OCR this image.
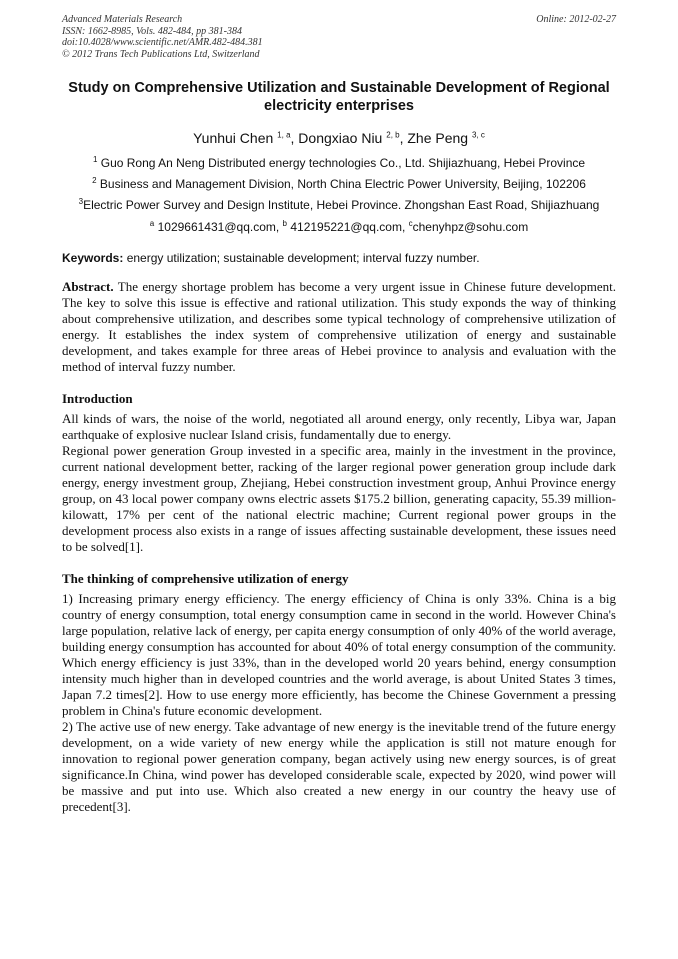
Advanced Materials Research
ISSN: 1662-8985, Vols. 482-484, pp 381-384
doi:10.4028/www.scientific.net/AMR.482-484.381
© 2012 Trans Tech Publications Ltd, Switzerland
Online: 2012-02-27
Study on Comprehensive Utilization and Sustainable Development of Regional electricity enterprises
Yunhui Chen $^{1, a}$, Dongxiao Niu $^{2, b}$, Zhe Peng $^{3, c}$
$^1$ Guo Rong An Neng Distributed energy technologies Co., Ltd. Shijiazhuang, Hebei Province
$^2$ Business and Management Division, North China Electric Power University, Beijing, 102206
$^3$Electric Power Survey and Design Institute, Hebei Province. Zhongshan East Road, Shijiazhuang
$^a$ 1029661431@qq.com, $^b$ 412195221@qq.com, $^c$chenyhpz@sohu.com
Keywords: energy utilization; sustainable development; interval fuzzy number.
Abstract. The energy shortage problem has become a very urgent issue in Chinese future development. The key to solve this issue is effective and rational utilization. This study exponds the way of thinking about comprehensive utilization, and describes some typical technology of comprehensive utilization of energy. It establishes the index system of comprehensive utilization of energy and sustainable development, and takes example for three areas of Hebei province to analysis and evaluation with the method of interval fuzzy number.
Introduction

All kinds of wars, the noise of the world, negotiated all around energy, only recently, Libya war, Japan earthquake of explosive nuclear Island crisis, fundamentally due to energy.

Regional power generation Group invested in a specific area, mainly in the investment in the province, current national development better, racking of the larger regional power generation group include dark energy, energy investment group, Zhejiang, Hebei construction investment group, Anhui Province energy group, on 43 local power company owns electric assets $175.2 billion, generating capacity, 55.39 million-kilowatt, 17% per cent of the national electric machine; Current regional power groups in the development process also exists in a range of issues affecting sustainable development, these issues need to be solved[1].

The thinking of comprehensive utilization of energy

1) Increasing primary energy efficiency. The energy efficiency of China is only 33%. China is a big country of energy consumption, total energy consumption came in second in the world. However China's large population, relative lack of energy, per capita energy consumption of only 40% of the world average, building energy consumption has accounted for about 40% of total energy consumption of the community. Which energy efficiency is just 33%, than in the developed world 20 years behind, energy consumption intensity much higher than in developed countries and the world average, is about United States 3 times, Japan 7.2 times[2]. How to use energy more efficiently, has become the Chinese Government a pressing problem in China's future economic development.

2) The active use of new energy. Take advantage of new energy is the inevitable trend of the future energy development, on a wide variety of new energy while the application is still not mature enough for innovation to regional power generation company, began actively using new energy sources, is of great significance.In China, wind power has developed considerable scale, expected by 2020, wind power will be massive and put into use. Which also created a new energy in our country the heavy use of precedent[3].
